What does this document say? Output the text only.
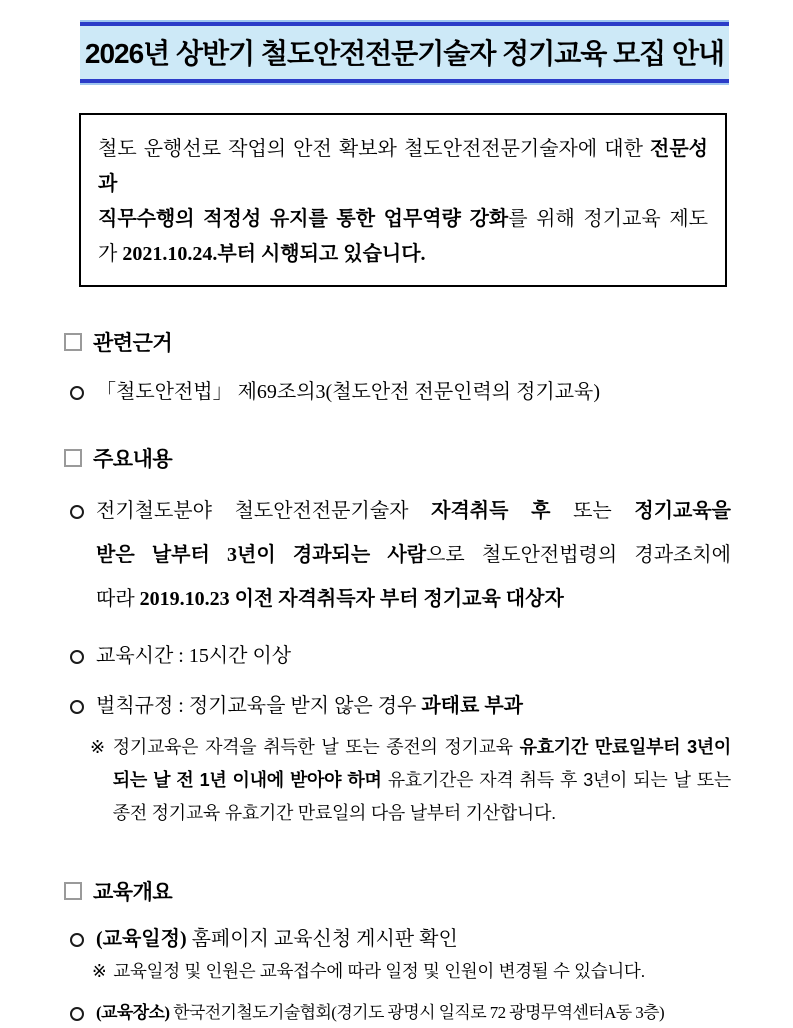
2026년 상반기 철도안전전문기술자 정기교육 모집 안내
철도 운행선로 작업의 안전 확보와 철도안전전문기술자에 대한 전문성과
직무수행의 적정성 유지를 통한 업무역량 강화를 위해 정기교육 제도
가 2021.10.24.부터 시행되고 있습니다.
관련근거
「철도안전법」 제69조의3(철도안전 전문인력의 정기교육)
주요내용
전기철도분야 철도안전전문기술자 자격취득 후 또는 정기교육을
받은 날부터 3년이 경과되는 사람으로 철도안전법령의 경과조치에
따라 2019.10.23 이전 자격취득자 부터 정기교육 대상자
교육시간 : 15시간 이상
벌칙규정 : 정기교육을 받지 않은 경우 과태료 부과
※ 정기교육은 자격을 취득한 날 또는 종전의 정기교육 유효기간 만료일부터 3년이
되는 날 전 1년 이내에 받아야 하며 유효기간은 자격 취득 후 3년이 되는 날 또는
종전 정기교육 유효기간 만료일의 다음 날부터 기산합니다.
교육개요
(교육일정) 홈페이지 교육신청 게시판 확인
※ 교육일정 및 인원은 교육접수에 따라 일정 및 인원이 변경될 수 있습니다.
(교육장소) 한국전기철도기술협회(경기도 광명시 일직로 72 광명무역센터A동 3층)
